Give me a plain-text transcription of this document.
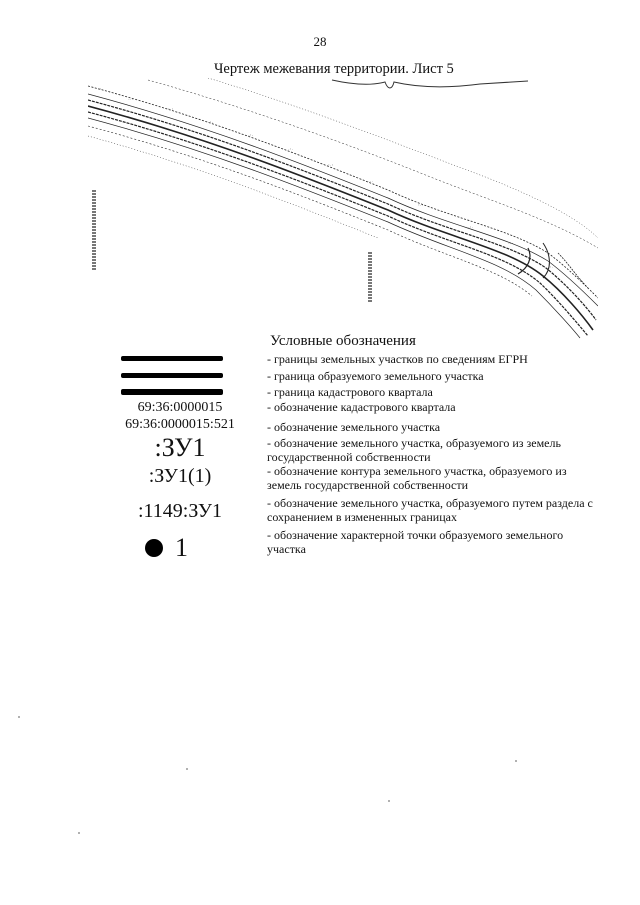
28
Чертеж межевания территории. Лист 5
.:.
-.-
:.:
.:.
-:-
.:.
:.:
.-.
:.:
.:.
-:-
.:.
Условные обозначения
69:36:0000015
69:36:0000015:521
:ЗУ1
:ЗУ1(1)
:1149:ЗУ1
1
- границы земельных участков по сведениям ЕГРН
- граница образуемого земельного участка
- граница кадастрового квартала
- обозначение кадастрового квартала
- обозначение земельного участка
- обозначение земельного участка, образуемого из земель государственной собственности
- обозначение контура земельного участка, образуемого из земель государственной собственности
- обозначение земельного участка, образуемого путем раздела с сохранением в измененных границах
- обозначение характерной точки образуемого земельного участка
